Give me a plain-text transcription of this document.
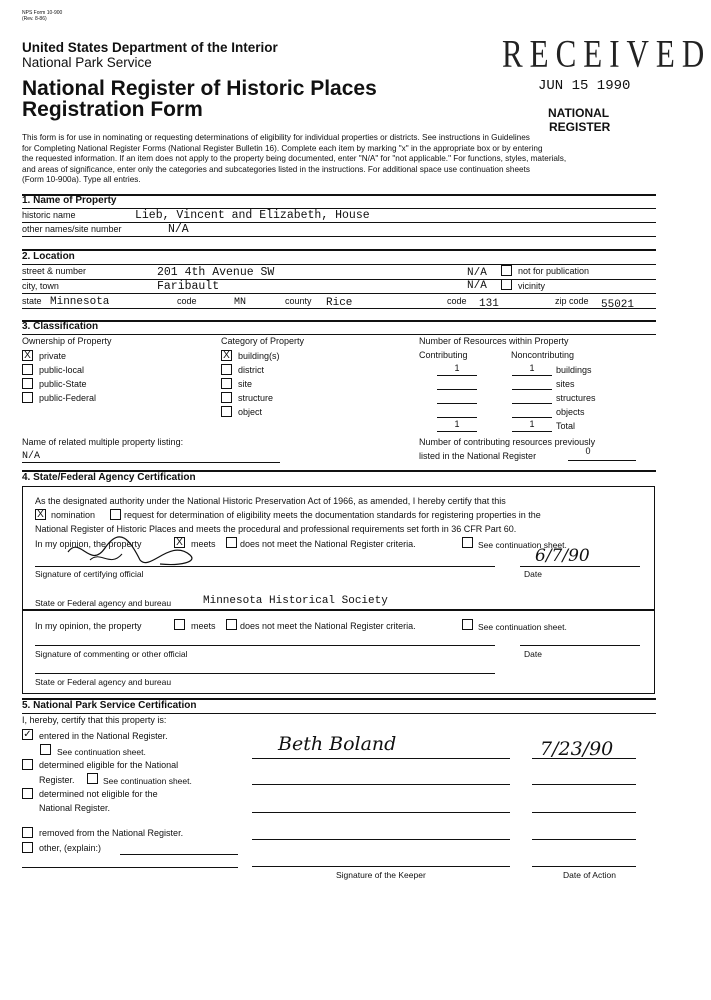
NPS Form 10-900
(Rev. 8-86)
United States Department of the Interior
National Park Service
National Register of Historic Places
Registration Form
RECEIVED
JUN 15 1990
NATIONAL
REGISTER
This form is for use in nominating or requesting determinations of eligibility for individual properties or districts. See instructions in Guidelines
for Completing National Register Forms (National Register Bulletin 16). Complete each item by marking "x" in the appropriate box or by entering
the requested information. If an item does not apply to the property being documented, enter "N/A" for "not applicable." For functions, styles, materials,
and areas of significance, enter only the categories and subcategories listed in the instructions. For additional space use continuation sheets
(Form 10-900a). Type all entries.
1. Name of Property
historic name	Lieb, Vincent and Elizabeth, House
other names/site number	N/A
2. Location
street & number	201 4th Avenue SW	N/A	not for publication
city, town	Faribault	N/A	vicinity
state Minnesota	code	MN	county Rice	code 131	zip code 55021
3. Classification
Ownership of Property
X private
public-local
public-State
public-Federal
Category of Property
X building(s)
district
site
structure
object
Number of Resources within Property
Contributing	Noncontributing
1	1	buildings
sites
structures
objects
1	1	Total
Name of related multiple property listing:
N/A
Number of contributing resources previously
listed in the National Register	0
4. State/Federal Agency Certification
As the designated authority under the National Historic Preservation Act of 1966, as amended, I hereby certify that this
X nomination	request for determination of eligibility meets the documentation standards for registering properties in the
National Register of Historic Places and meets the procedural and professional requirements set forth in 36 CFR Part 60.
In my opinion, the property	X meets	does not meet the National Register criteria.	See continuation sheet.
6/7/90
Signature of certifying official	Date
State or Federal agency and bureau	Minnesota Historical Society
In my opinion, the property	meets	does not meet the National Register criteria.	See continuation sheet.
Signature of commenting or other official	Date
State or Federal agency and bureau
5. National Park Service Certification
I, hereby, certify that this property is:
✓ entered in the National Register.
See continuation sheet.
determined eligible for the National
Register.	See continuation sheet.
determined not eligible for the
National Register.
removed from the National Register.
other, (explain:)
Beth Boland	7/23/90
Signature of the Keeper	Date of Action
